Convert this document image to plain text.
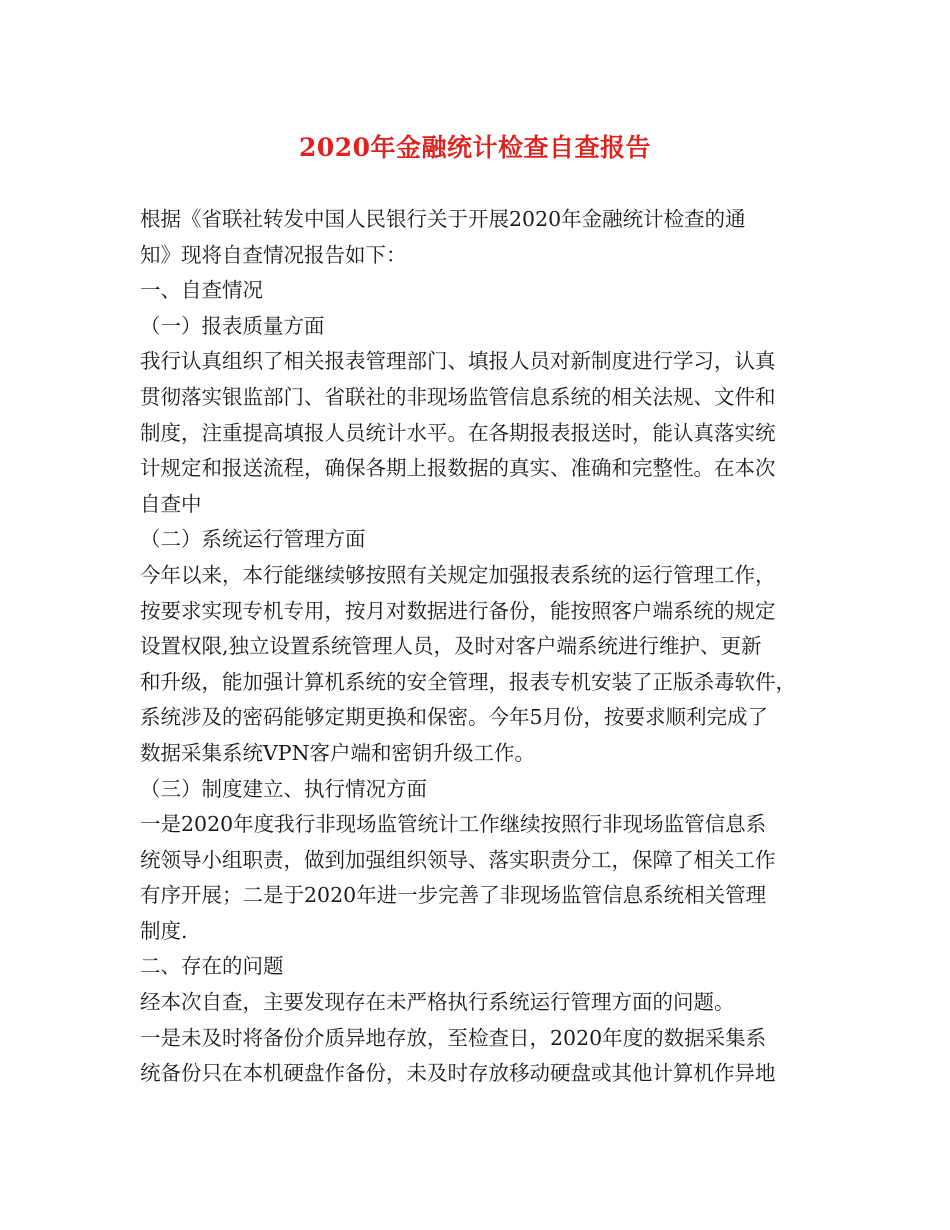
2020年金融统计检查自查报告
根据《省联社转发中国人民银行关于开展2020年金融统计检查的通
知》现将自查情况报告如下：
一、自查情况
（一）报表质量方面
我行认真组织了相关报表管理部门、填报人员对新制度进行学习，认真
贯彻落实银监部门、省联社的非现场监管信息系统的相关法规、文件和
制度，注重提高填报人员统计水平。在各期报表报送时，能认真落实统
计规定和报送流程，确保各期上报数据的真实、准确和完整性。在本次
自查中
（二）系统运行管理方面
今年以来，本行能继续够按照有关规定加强报表系统的运行管理工作，
按要求实现专机专用，按月对数据进行备份，能按照客户端系统的规定
设置权限,独立设置系统管理人员，及时对客户端系统进行维护、更新
和升级，能加强计算机系统的安全管理，报表专机安装了正版杀毒软件，
系统涉及的密码能够定期更换和保密。今年5月份，按要求顺利完成了
数据采集系统VPN客户端和密钥升级工作。
（三）制度建立、执行情况方面
一是2020年度我行非现场监管统计工作继续按照行非现场监管信息系
统领导小组职责，做到加强组织领导、落实职责分工，保障了相关工作
有序开展；二是于2020年进一步完善了非现场监管信息系统相关管理
制度.
二、存在的问题
经本次自查，主要发现存在未严格执行系统运行管理方面的问题。
一是未及时将备份介质异地存放，至检查日，2020年度的数据采集系
统备份只在本机硬盘作备份，未及时存放移动硬盘或其他计算机作异地
